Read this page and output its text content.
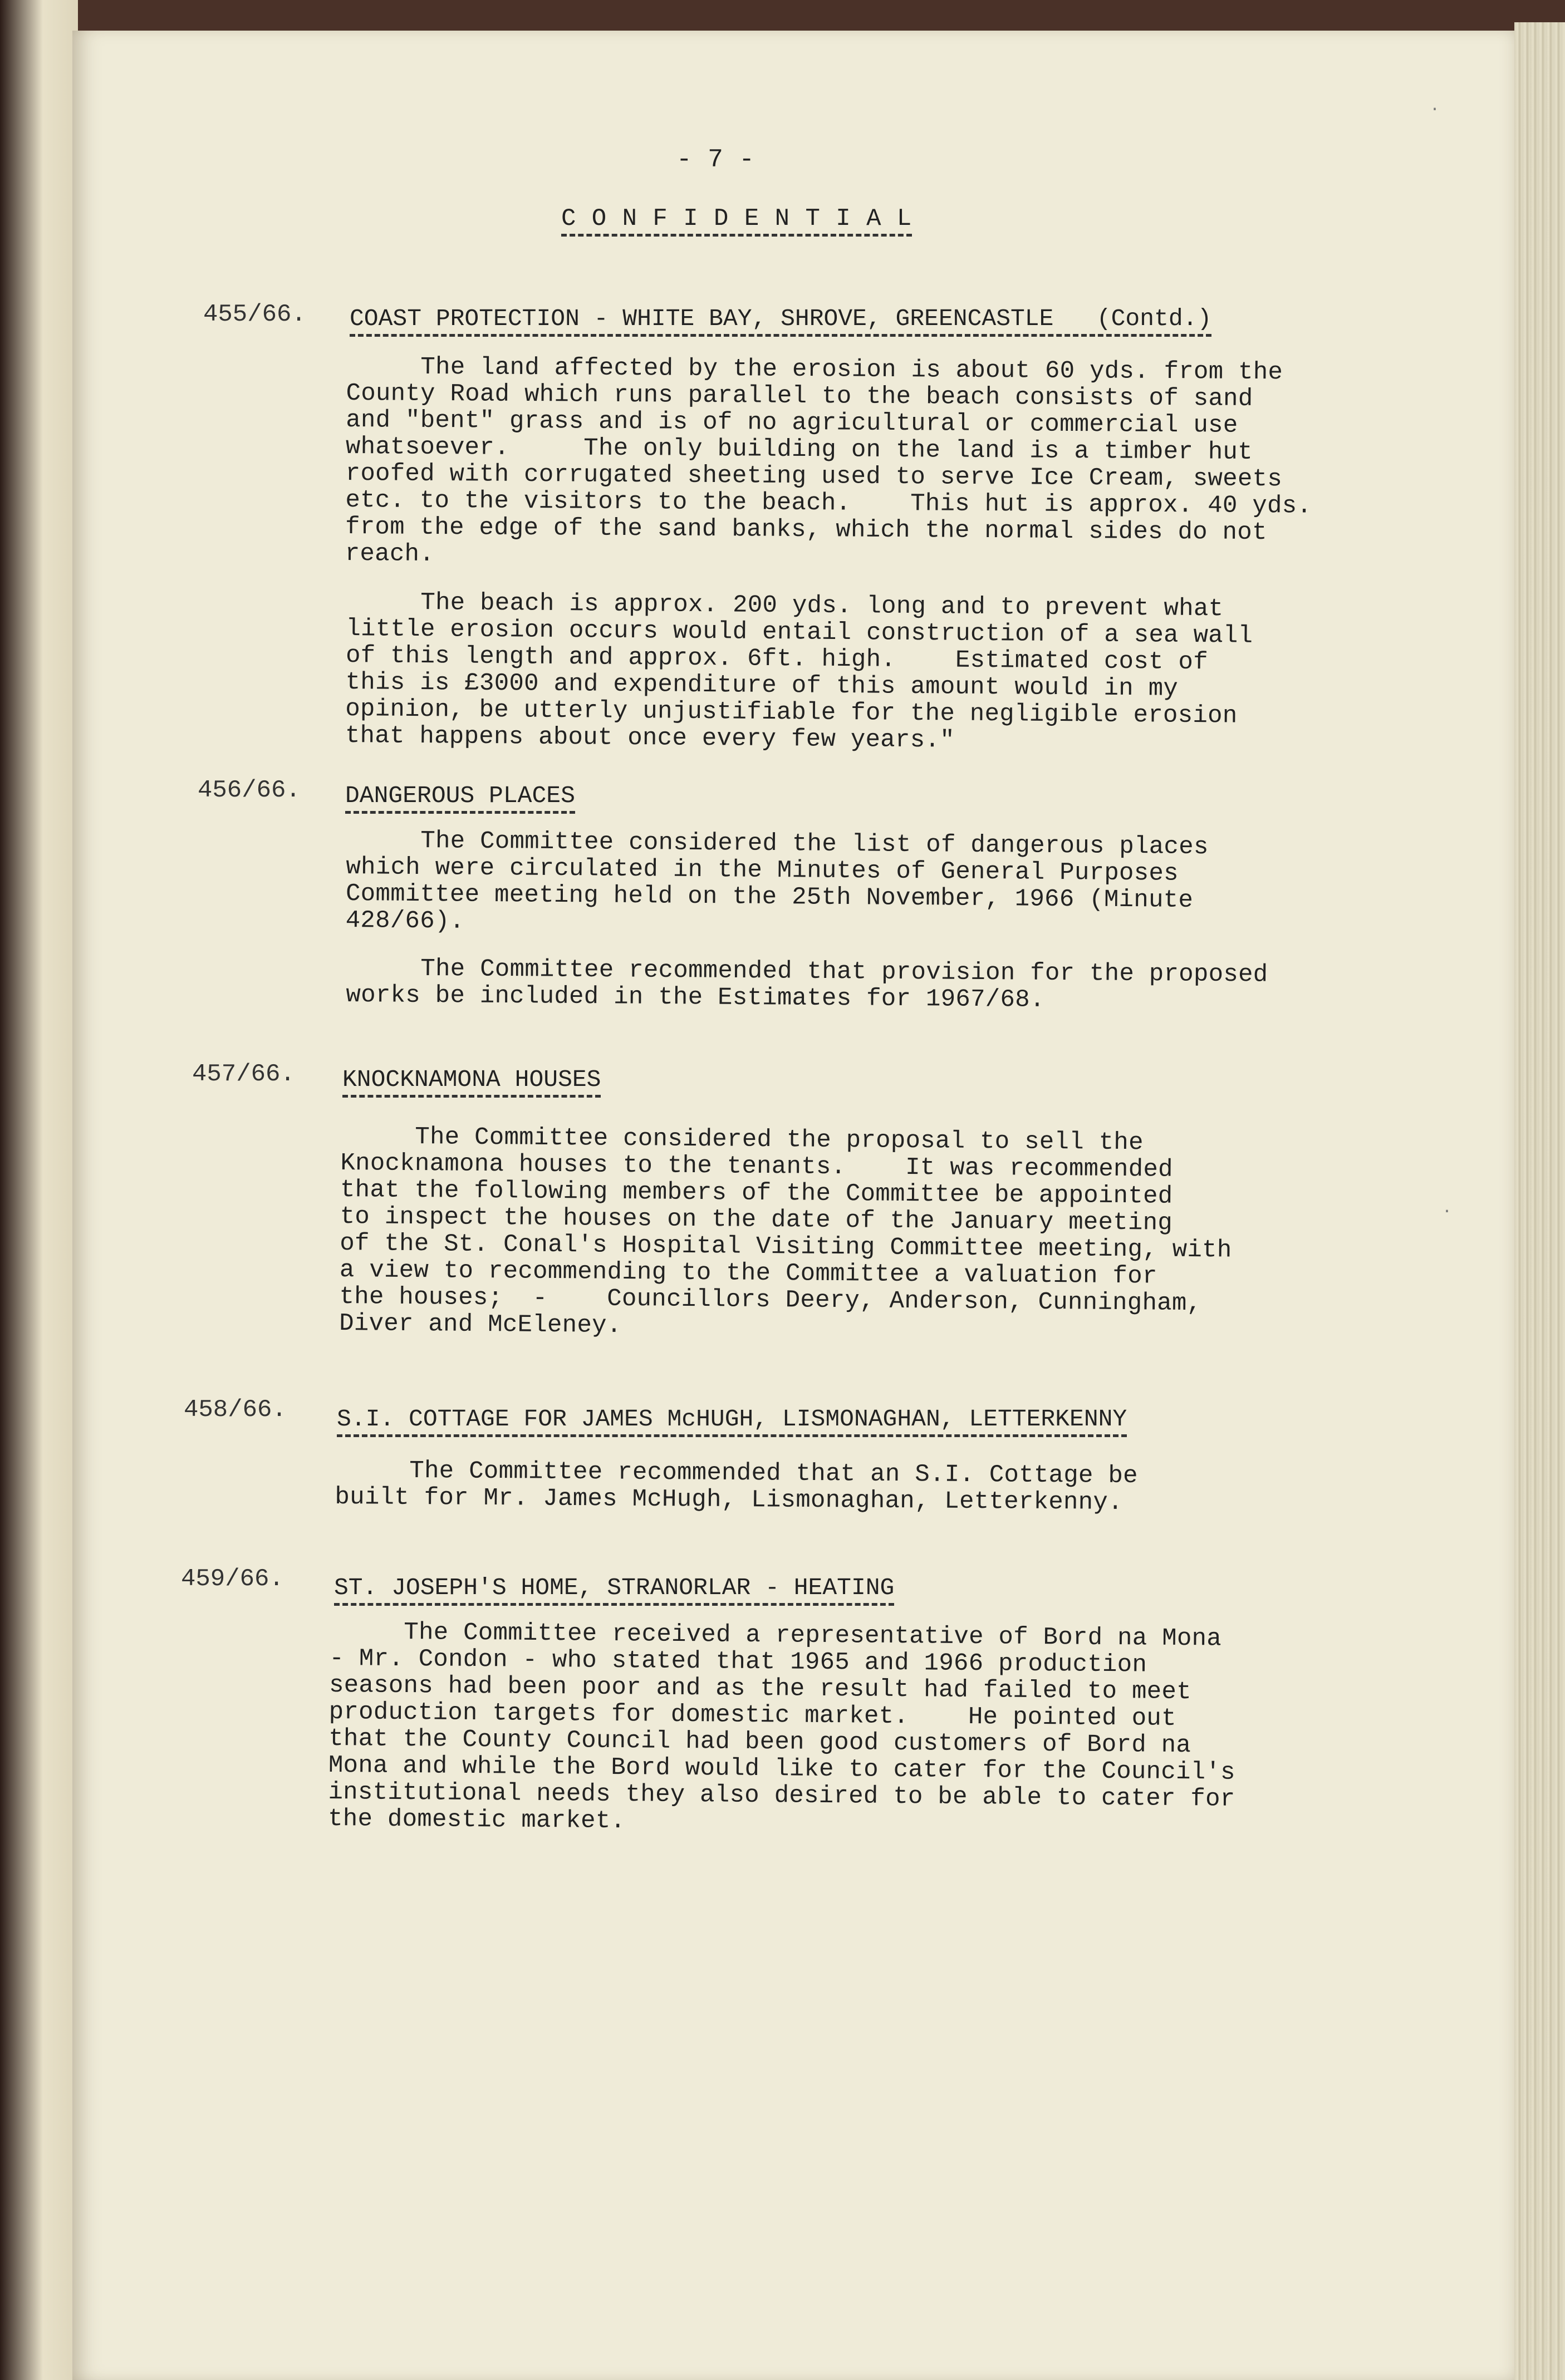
- 7 -
C O N F I D E N T I A L
455/66. COAST PROTECTION - WHITE BAY, SHROVE, GREENCASTLE   (Contd.)
The land affected by the erosion is about 60 yds. from the
County Road which runs parallel to the beach consists of sand
and "bent" grass and is of no agricultural or commercial use
whatsoever.     The only building on the land is a timber hut
roofed with corrugated sheeting used to serve Ice Cream, sweets
etc. to the visitors to the beach.    This hut is approx. 40 yds.
from the edge of the sand banks, which the normal sides do not
reach.
The beach is approx. 200 yds. long and to prevent what
little erosion occurs would entail construction of a sea wall
of this length and approx. 6ft. high.    Estimated cost of
this is £3000 and expenditure of this amount would in my
opinion, be utterly unjustifiable for the negligible erosion
that happens about once every few years."
456/66. DANGEROUS PLACES
The Committee considered the list of dangerous places
which were circulated in the Minutes of General Purposes
Committee meeting held on the 25th November, 1966 (Minute
428/66).
The Committee recommended that provision for the proposed
works be included in the Estimates for 1967/68.
457/66. KNOCKNAMONA HOUSES
The Committee considered the proposal to sell the
Knocknamona houses to the tenants.    It was recommended
that the following members of the Committee be appointed
to inspect the houses on the date of the January meeting
of the St. Conal's Hospital Visiting Committee meeting, with
a view to recommending to the Committee a valuation for
the houses;  -    Councillors Deery, Anderson, Cunningham,
Diver and McEleney.
458/66. S.I. COTTAGE FOR JAMES McHUGH, LISMONAGHAN, LETTERKENNY
The Committee recommended that an S.I. Cottage be
built for Mr. James McHugh, Lismonaghan, Letterkenny.
459/66. ST. JOSEPH'S HOME, STRANORLAR - HEATING
The Committee received a representative of Bord na Mona
- Mr. Condon - who stated that 1965 and 1966 production
seasons had been poor and as the result had failed to meet
production targets for domestic market.    He pointed out
that the County Council had been good customers of Bord na
Mona and while the Bord would like to cater for the Council's
institutional needs they also desired to be able to cater for
the domestic market.
·
·
